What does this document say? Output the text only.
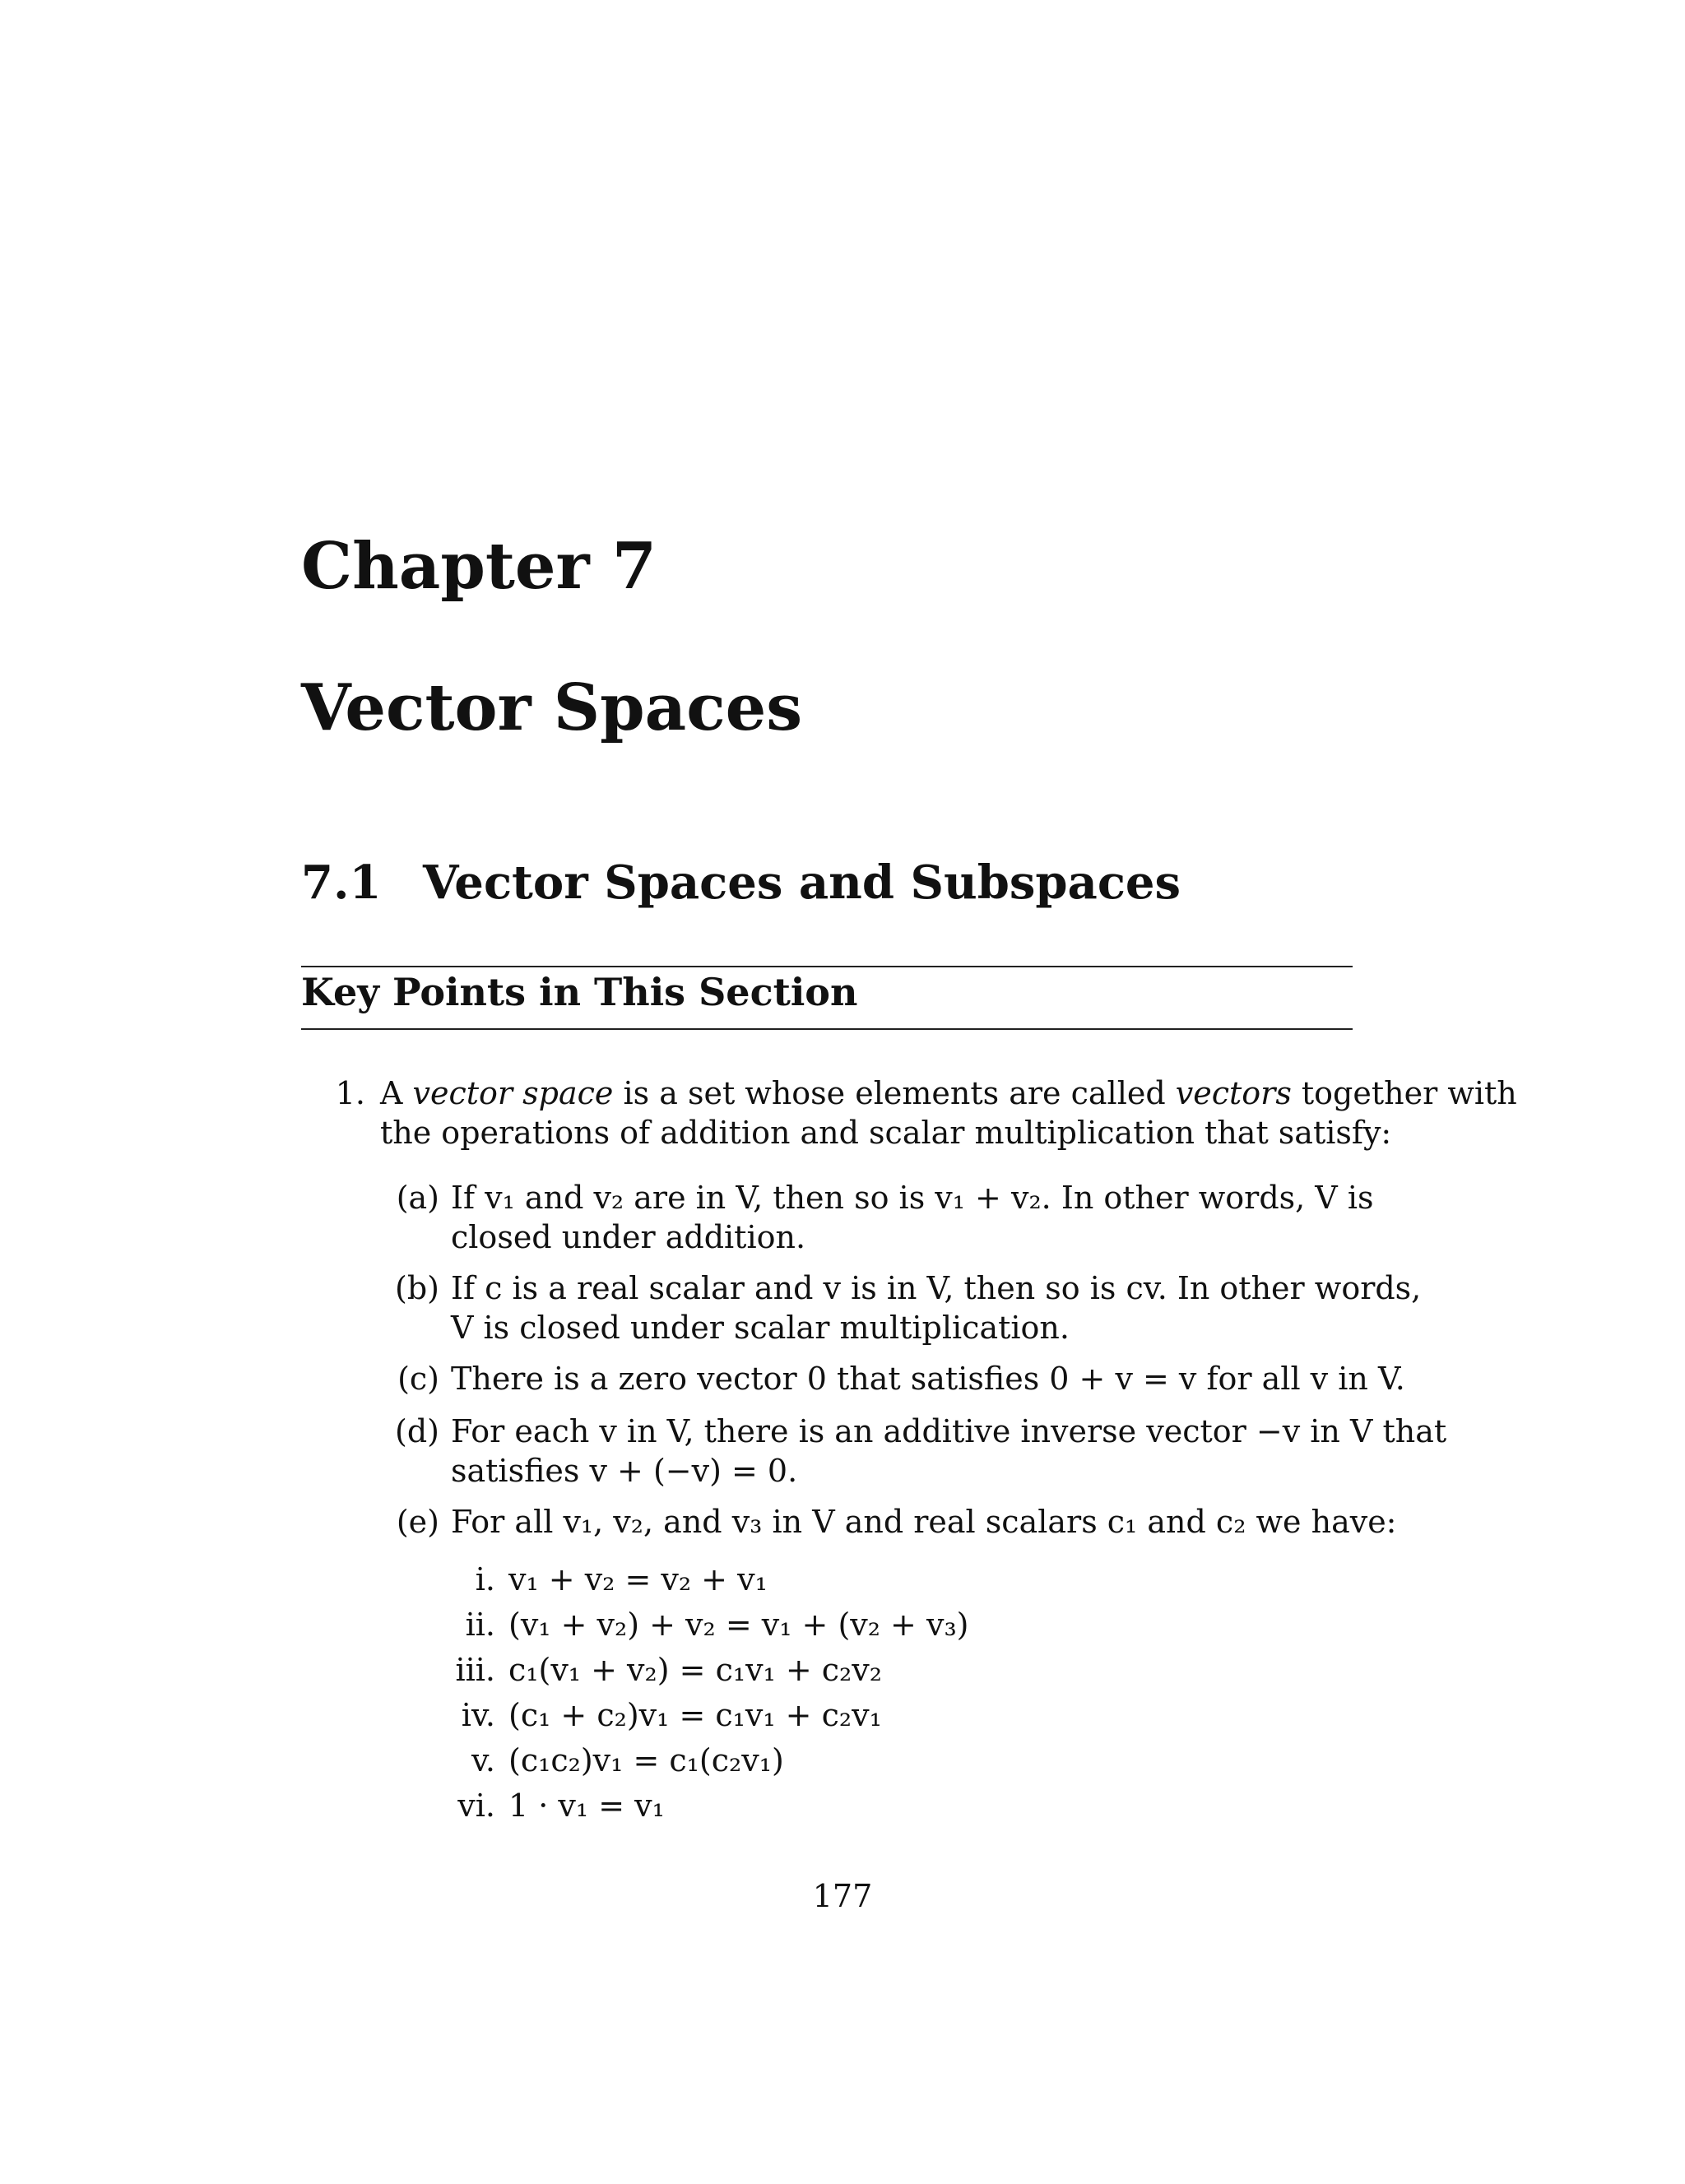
Chapter 7
Vector Spaces
7.1 Vector Spaces and Subspaces
Key Points in This Section
1. A vector space is a set whose elements are called vectors together with
the operations of addition and scalar multiplication that satisfy:
(a) If v₁ and v₂ are in V, then so is v₁ + v₂. In other words, V is
closed under addition.
(b) If c is a real scalar and v is in V, then so is cv. In other words,
V is closed under scalar multiplication.
(c) There is a zero vector 0 that satisfies 0 + v = v for all v in V.
(d) For each v in V, there is an additive inverse vector −v in V that
satisfies v + (−v) = 0.
(e) For all v₁, v₂, and v₃ in V and real scalars c₁ and c₂ we have:
i. v₁ + v₂ = v₂ + v₁
ii. (v₁ + v₂) + v₂ = v₁ + (v₂ + v₃)
iii. c₁(v₁ + v₂) = c₁v₁ + c₂v₂
iv. (c₁ + c₂)v₁ = c₁v₁ + c₂v₁
v. (c₁c₂)v₁ = c₁(c₂v₁)
vi. 1 · v₁ = v₁
177
